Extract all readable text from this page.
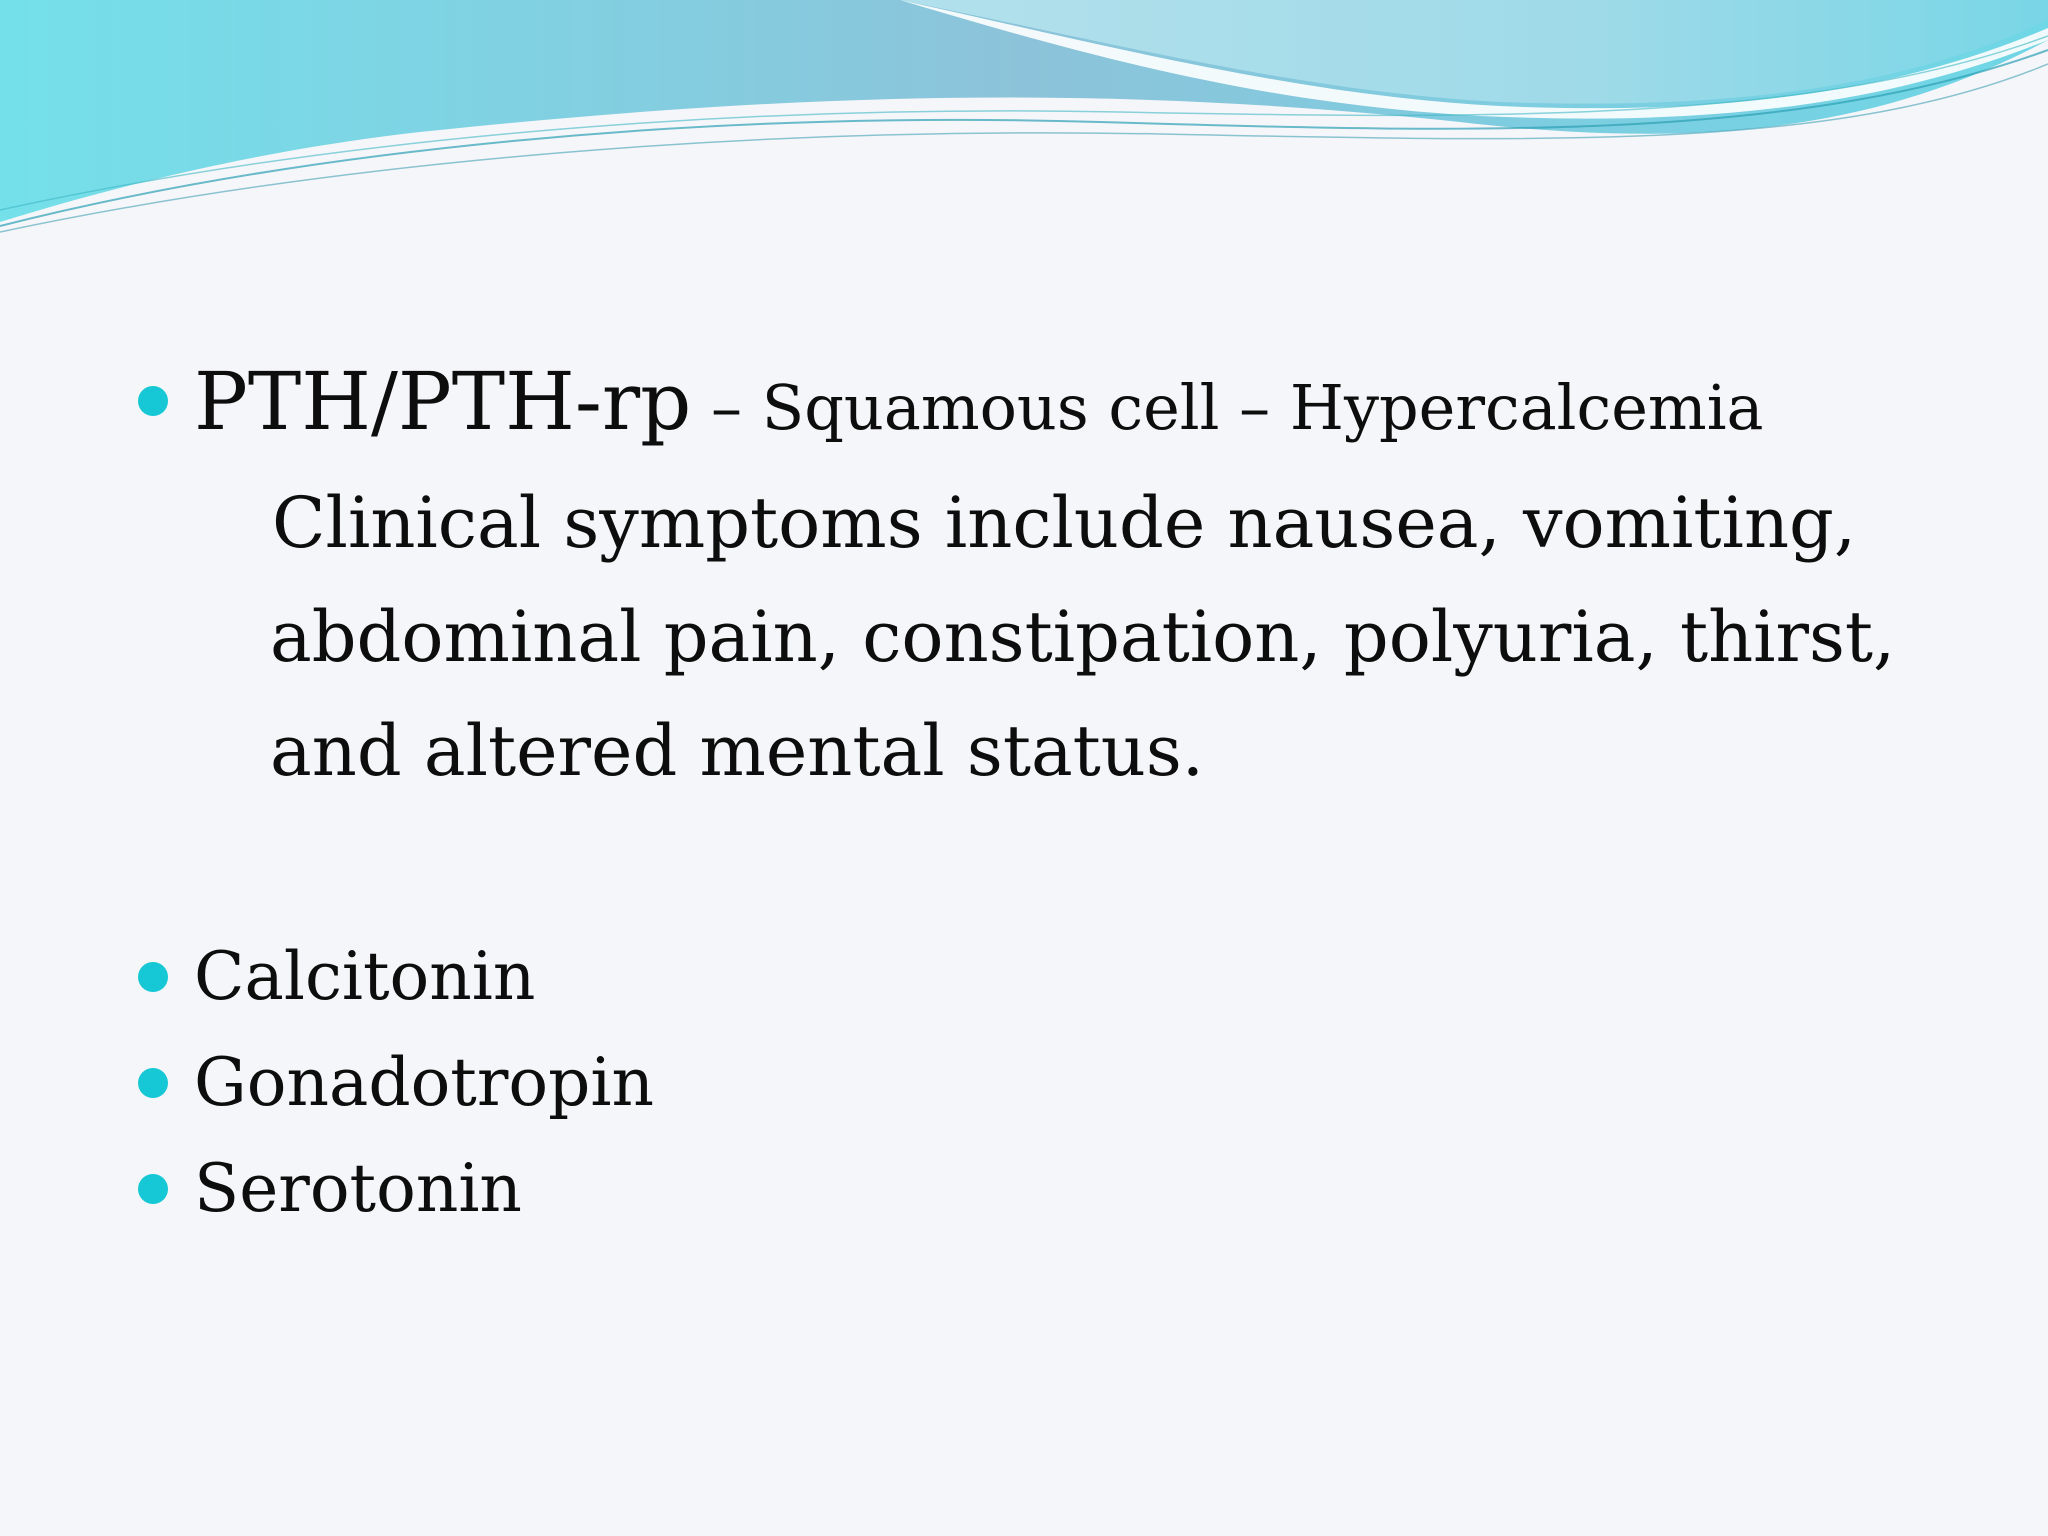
PTH/PTH-rp – Squamous cell – Hypercalcemia
Clinical symptoms include nausea, vomiting,
abdominal pain, constipation, polyuria, thirst,
and altered mental status.
Calcitonin
Gonadotropin
Serotonin
